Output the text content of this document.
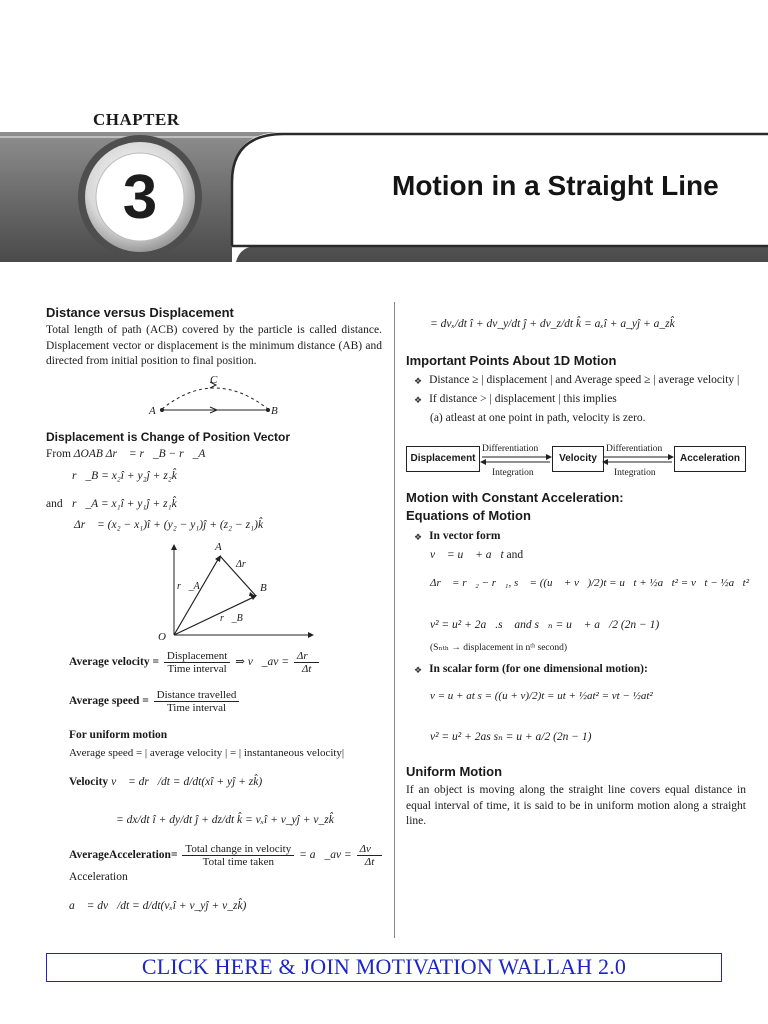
CHAPTER
3	Motion in a Straight Line
Distance versus Displacement
Total length of path (ACB) covered by the particle is called distance. Displacement vector or displacement is the minimum distance (AB) and directed from initial position to final position.
C
A	B
Displacement is Change of Position Vector
From ΔOAB Δr⃗ = r⃗_B − r⃗_A
r⃗_B = x₂î + y₂ĵ + z₂k̂
and r⃗_A = x₁î + y₁ĵ + z₁k̂
Δr⃗ = (x₂ − x₁)î + (y₂ − y₁)ĵ + (z₂ − z₁)k̂
A
B
O
Δr⃗
r⃗_A
r⃗_B
Average velocity = $\frac{\text{Displacement}}{\text{Time interval}}$ ⇒ v⃗_av = $\frac{\Delta r⃗}{\Delta t}$
Average speed = $\frac{\text{Distance travelled}}{\text{Time interval}}$
For uniform motion
Average speed = | average velocity | = | instantaneous velocity|
Velocity v⃗ = dr⃗/dt = d/dt(xî + yĵ + zk̂)
= dx/dt î + dy/dt ĵ + dz/dt k̂ = vₓî + v_yĵ + v_zk̂
AverageAcceleration= $\frac{\text{Total change in velocity}}{\text{Total time taken}}$ = a⃗_av = $\frac{\Delta v⃗}{\Delta t}$
Acceleration
a⃗ = dv⃗/dt = d/dt(vₓî + v_yĵ + v_zk̂)
= dvₓ/dt î + dv_y/dt ĵ + dv_z/dt k̂ = aₓî + a_yĵ + a_zk̂
Important Points About 1D Motion
❖ Distance ≥ | displacement | and Average speed ≥ | average velocity |
❖ If distance > | displacement | this implies
(a) atleast at one point in path, velocity is zero.
Displacement	Velocity	Acceleration
Differentiation	Differentiation
Integration	Integration
Motion with Constant Acceleration:
Equations of Motion
❖ In vector form
v⃗ = u⃗ + a⃗t and
Δr⃗ = r⃗₂ − r⃗₁, s⃗ = ((u⃗ + v⃗)/2)t = u⃗t + ½a⃗t² = v⃗t − ½a⃗t²
v² = u² + 2a⃗.s⃗ and s⃗ₙ = u⃗ + a⃗/2 (2n − 1)
(Sₙₜₕ → displacement in nᵗʰ second)
❖ In scalar form (for one dimensional motion):
v = u + at s = ((u + v)/2)t = ut + ½at² = vt − ½at²
v² = u² + 2as sₙ = u + a/2 (2n − 1)
Uniform Motion
If an object is moving along the straight line covers equal distance in equal interval of time, it is said to be in uniform motion along a straight line.
CLICK HERE & JOIN MOTIVATION WALLAH 2.0
